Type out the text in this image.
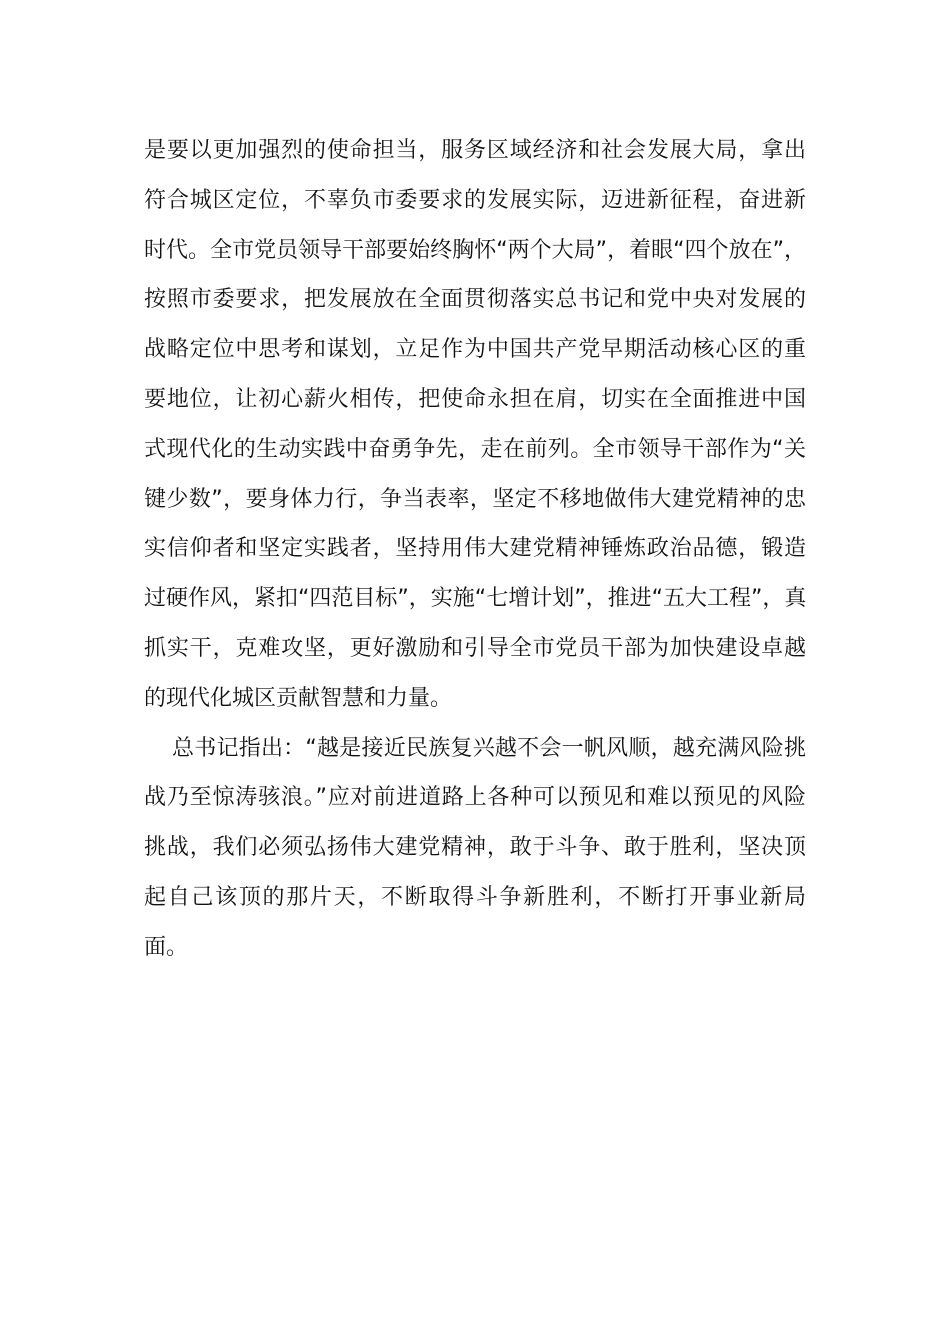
是要以更加强烈的使命担当，服务区域经济和社会发展大局，拿出
符合城区定位，不辜负市委要求的发展实际，迈进新征程，奋进新
时代。全市党员领导干部要始终胸怀“两个大局”，着眼“四个放在”，
按照市委要求，把发展放在全面贯彻落实总书记和党中央对发展的
战略定位中思考和谋划，立足作为中国共产党早期活动核心区的重
要地位，让初心薪火相传，把使命永担在肩，切实在全面推进中国
式现代化的生动实践中奋勇争先，走在前列。全市领导干部作为“关
键少数”，要身体力行，争当表率，坚定不移地做伟大建党精神的忠
实信仰者和坚定实践者，坚持用伟大建党精神锤炼政治品德，锻造
过硬作风，紧扣“四范目标”，实施“七增计划”，推进“五大工程”，真
抓实干，克难攻坚，更好激励和引导全市党员干部为加快建设卓越
的现代化城区贡献智慧和力量。
总书记指出：“越是接近民族复兴越不会一帆风顺，越充满风险挑
战乃至惊涛骇浪。”应对前进道路上各种可以预见和难以预见的风险
挑战，我们必须弘扬伟大建党精神，敢于斗争、敢于胜利，坚决顶
起自己该顶的那片天，不断取得斗争新胜利，不断打开事业新局
面。
